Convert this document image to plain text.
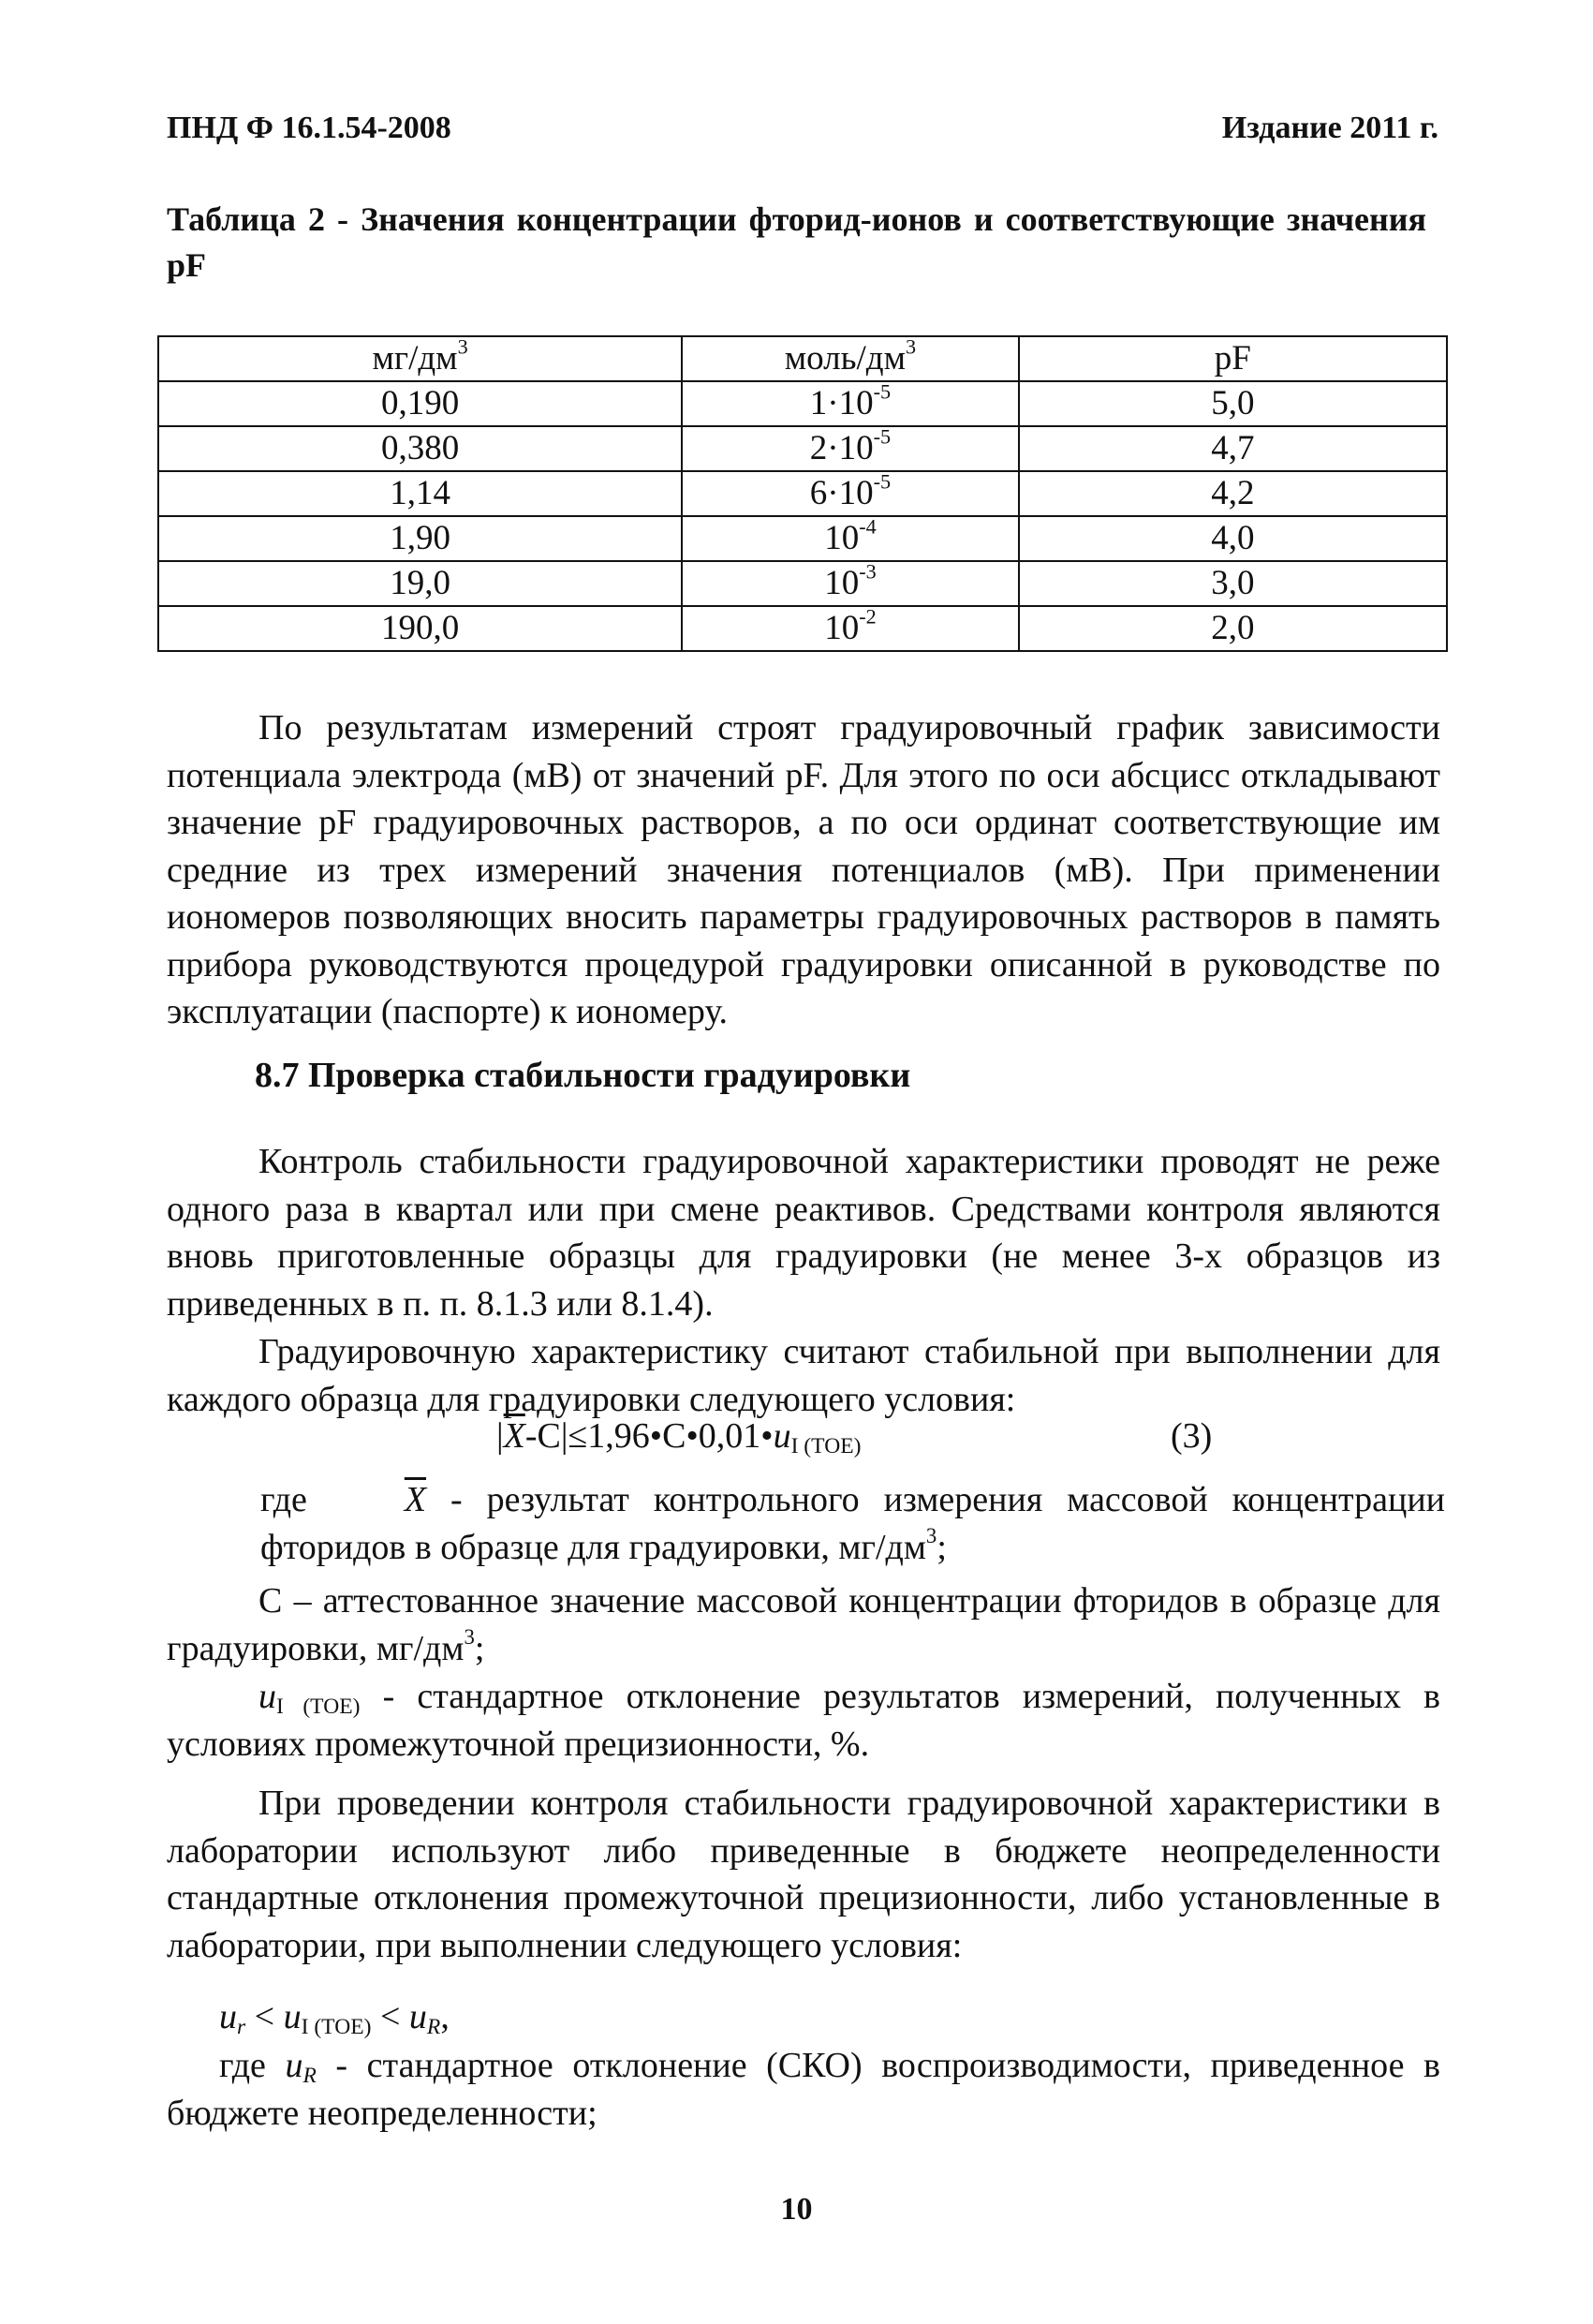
ПНД Ф 16.1.54-2008	Издание 2011 г.
Таблица 2 - Значения концентрации фторид-ионов и соответствующие значения pF
$мг/дм^3$	моль/$дм^3$	pF
0,190	$1\cdot 10^{-5}$	5,0
0,380	$2\cdot 10^{-5}$	4,7
1,14	$6\cdot 10^{-5}$	4,2
1,90	$10^{-4}$	4,0
19,0	$10^{-3}$	3,0
190,0	$10^{-2}$	2,0

По результатам измерений строят градуировочный график зависимости потенциала электрода (мВ) от значений pF. Для этого по оси абсцисс откладывают значение pF градуировочных растворов, а по оси ординат соответствующие им средние из трех измерений значения потенциалов (мВ). При применении иономеров позволяющих вносить параметры градуировочных растворов в память прибора руководствуются процедурой градуировки описанной в руководстве по эксплуатации (паспорте) к иономеру.

8.7 Проверка стабильности градуировки

Контроль стабильности градуировочной характеристики проводят не реже одного раза в квартал или при смене реактивов. Средствами контроля являются вновь приготовленные образцы для градуировки (не менее 3-х образцов из приведенных в п. п. 8.1.3 или 8.1.4).

Градуировочную характеристику считают стабильной при выполнении для каждого образца для градуировки следующего условия:

$|\overline{X}-C|\le 1,96•C•0,01•u_{I (ТОЕ)}$	(3)
где	$\overline{X}$ - результат контрольного измерения массовой концентрации фторидов в образце для градуировки, $мг/дм^3$;

С – аттестованное значение массовой концентрации фторидов в образце для градуировки, $мг/дм^3$;

$u_{I (ТОЕ)}$ - стандартное отклонение результатов измерений, полученных в условиях промежуточной прецизионности, %.

При проведении контроля стабильности градуировочной характеристики в лаборатории используют либо приведенные в бюджете неопределенности стандартные отклонения промежуточной прецизионности, либо установленные в лаборатории, при выполнении следующего условия:

$u_r < u_{I (ТОЕ)} < u_R$,

где $u_R$ - стандартное отклонение (СКО) воспроизводимости, приведенное в бюджете неопределенности;

10
